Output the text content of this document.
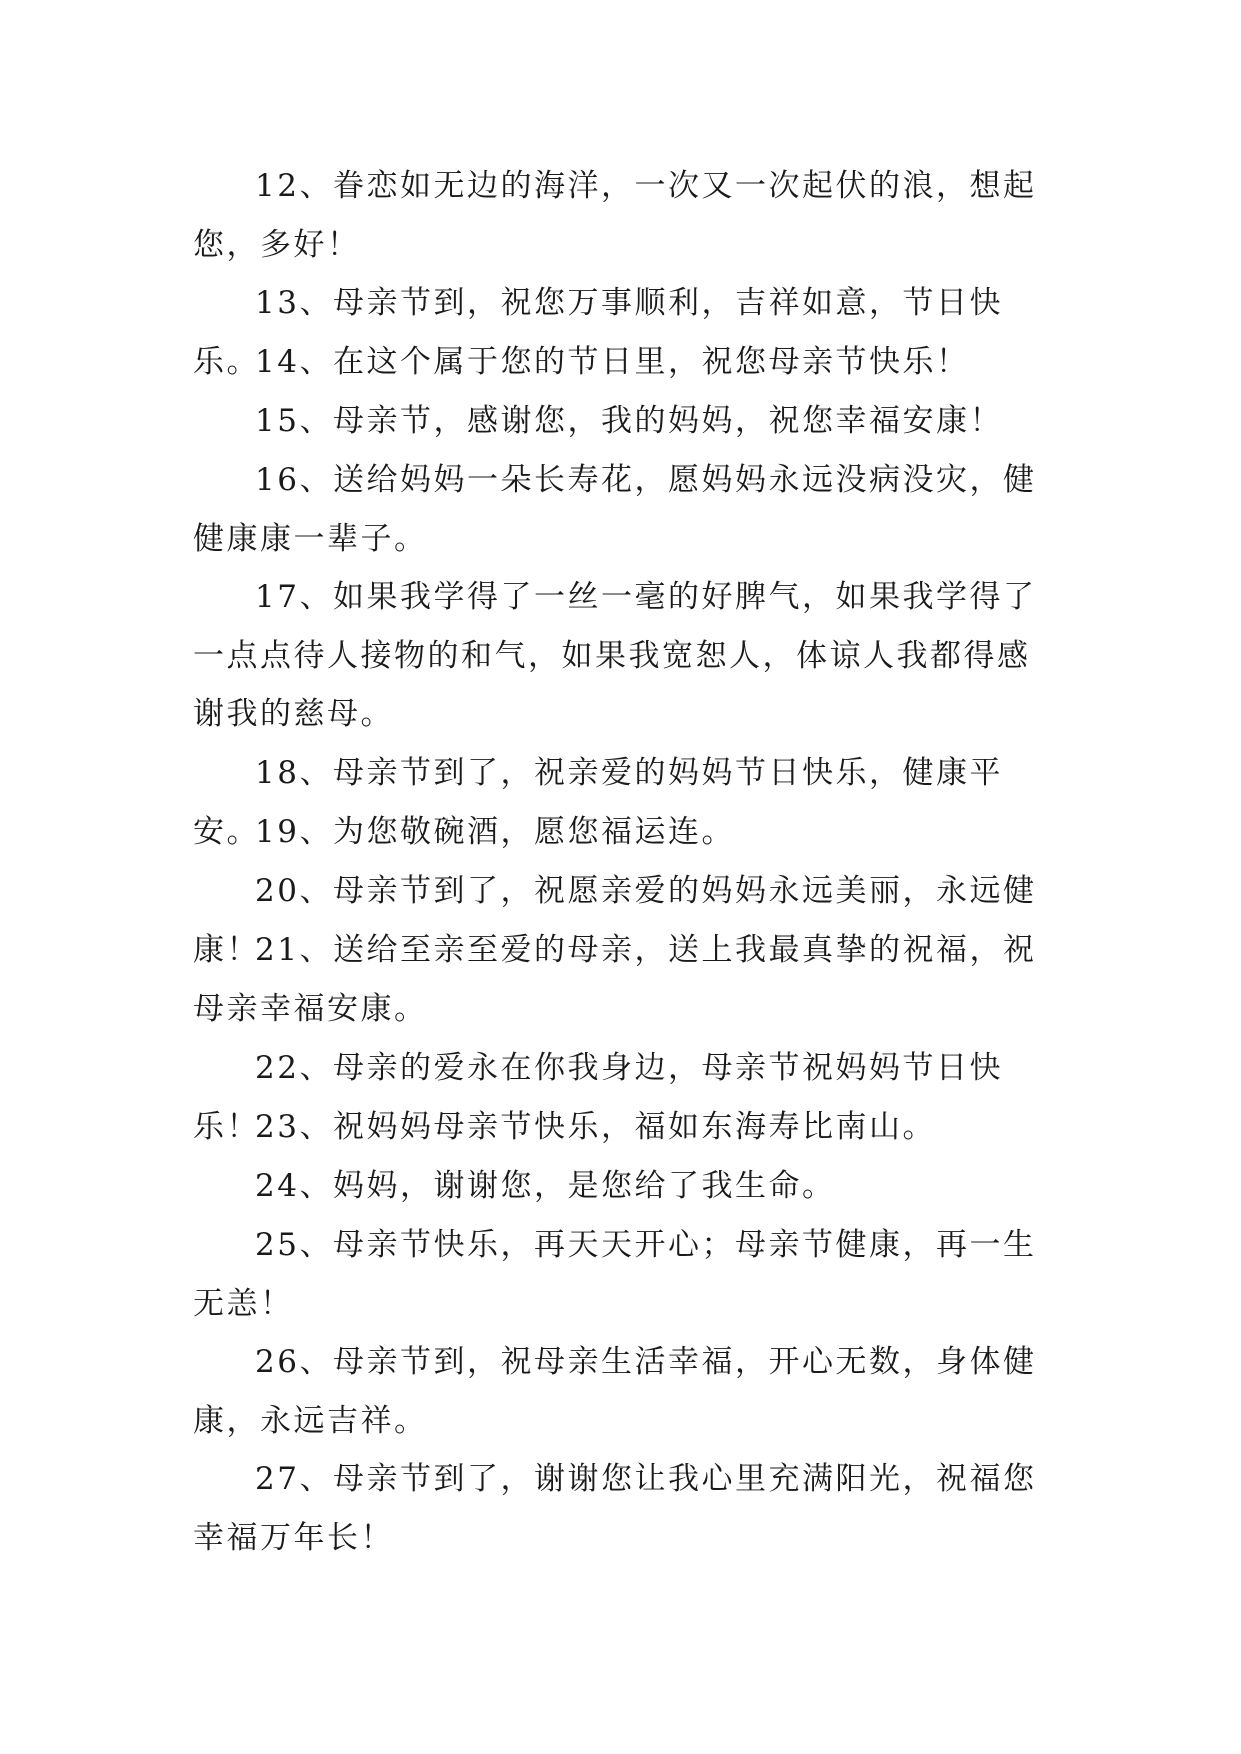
12、眷恋如无边的海洋，一次又一次起伏的浪，想起您，多好！

13、母亲节到，祝您万事顺利，吉祥如意，节日快乐。

14、在这个属于您的节日里，祝您母亲节快乐！

15、母亲节，感谢您，我的妈妈，祝您幸福安康！

16、送给妈妈一朵长寿花，愿妈妈永远没病没灾，健健康康一辈子。

17、如果我学得了一丝一毫的好脾气，如果我学得了一点点待人接物的和气，如果我宽恕人，体谅人我都得感谢我的慈母。

18、母亲节到了，祝亲爱的妈妈节日快乐，健康平安。

19、为您敬碗酒，愿您福运连。

20、母亲节到了，祝愿亲爱的妈妈永远美丽，永远健康！

21、送给至亲至爱的母亲，送上我最真挚的祝福，祝母亲幸福安康。

22、母亲的爱永在你我身边，母亲节祝妈妈节日快乐！

23、祝妈妈母亲节快乐，福如东海寿比南山。

24、妈妈，谢谢您，是您给了我生命。

25、母亲节快乐，再天天开心；母亲节健康，再一生无恙！

26、母亲节到，祝母亲生活幸福，开心无数，身体健康，永远吉祥。

27、母亲节到了，谢谢您让我心里充满阳光，祝福您幸福万年长！
